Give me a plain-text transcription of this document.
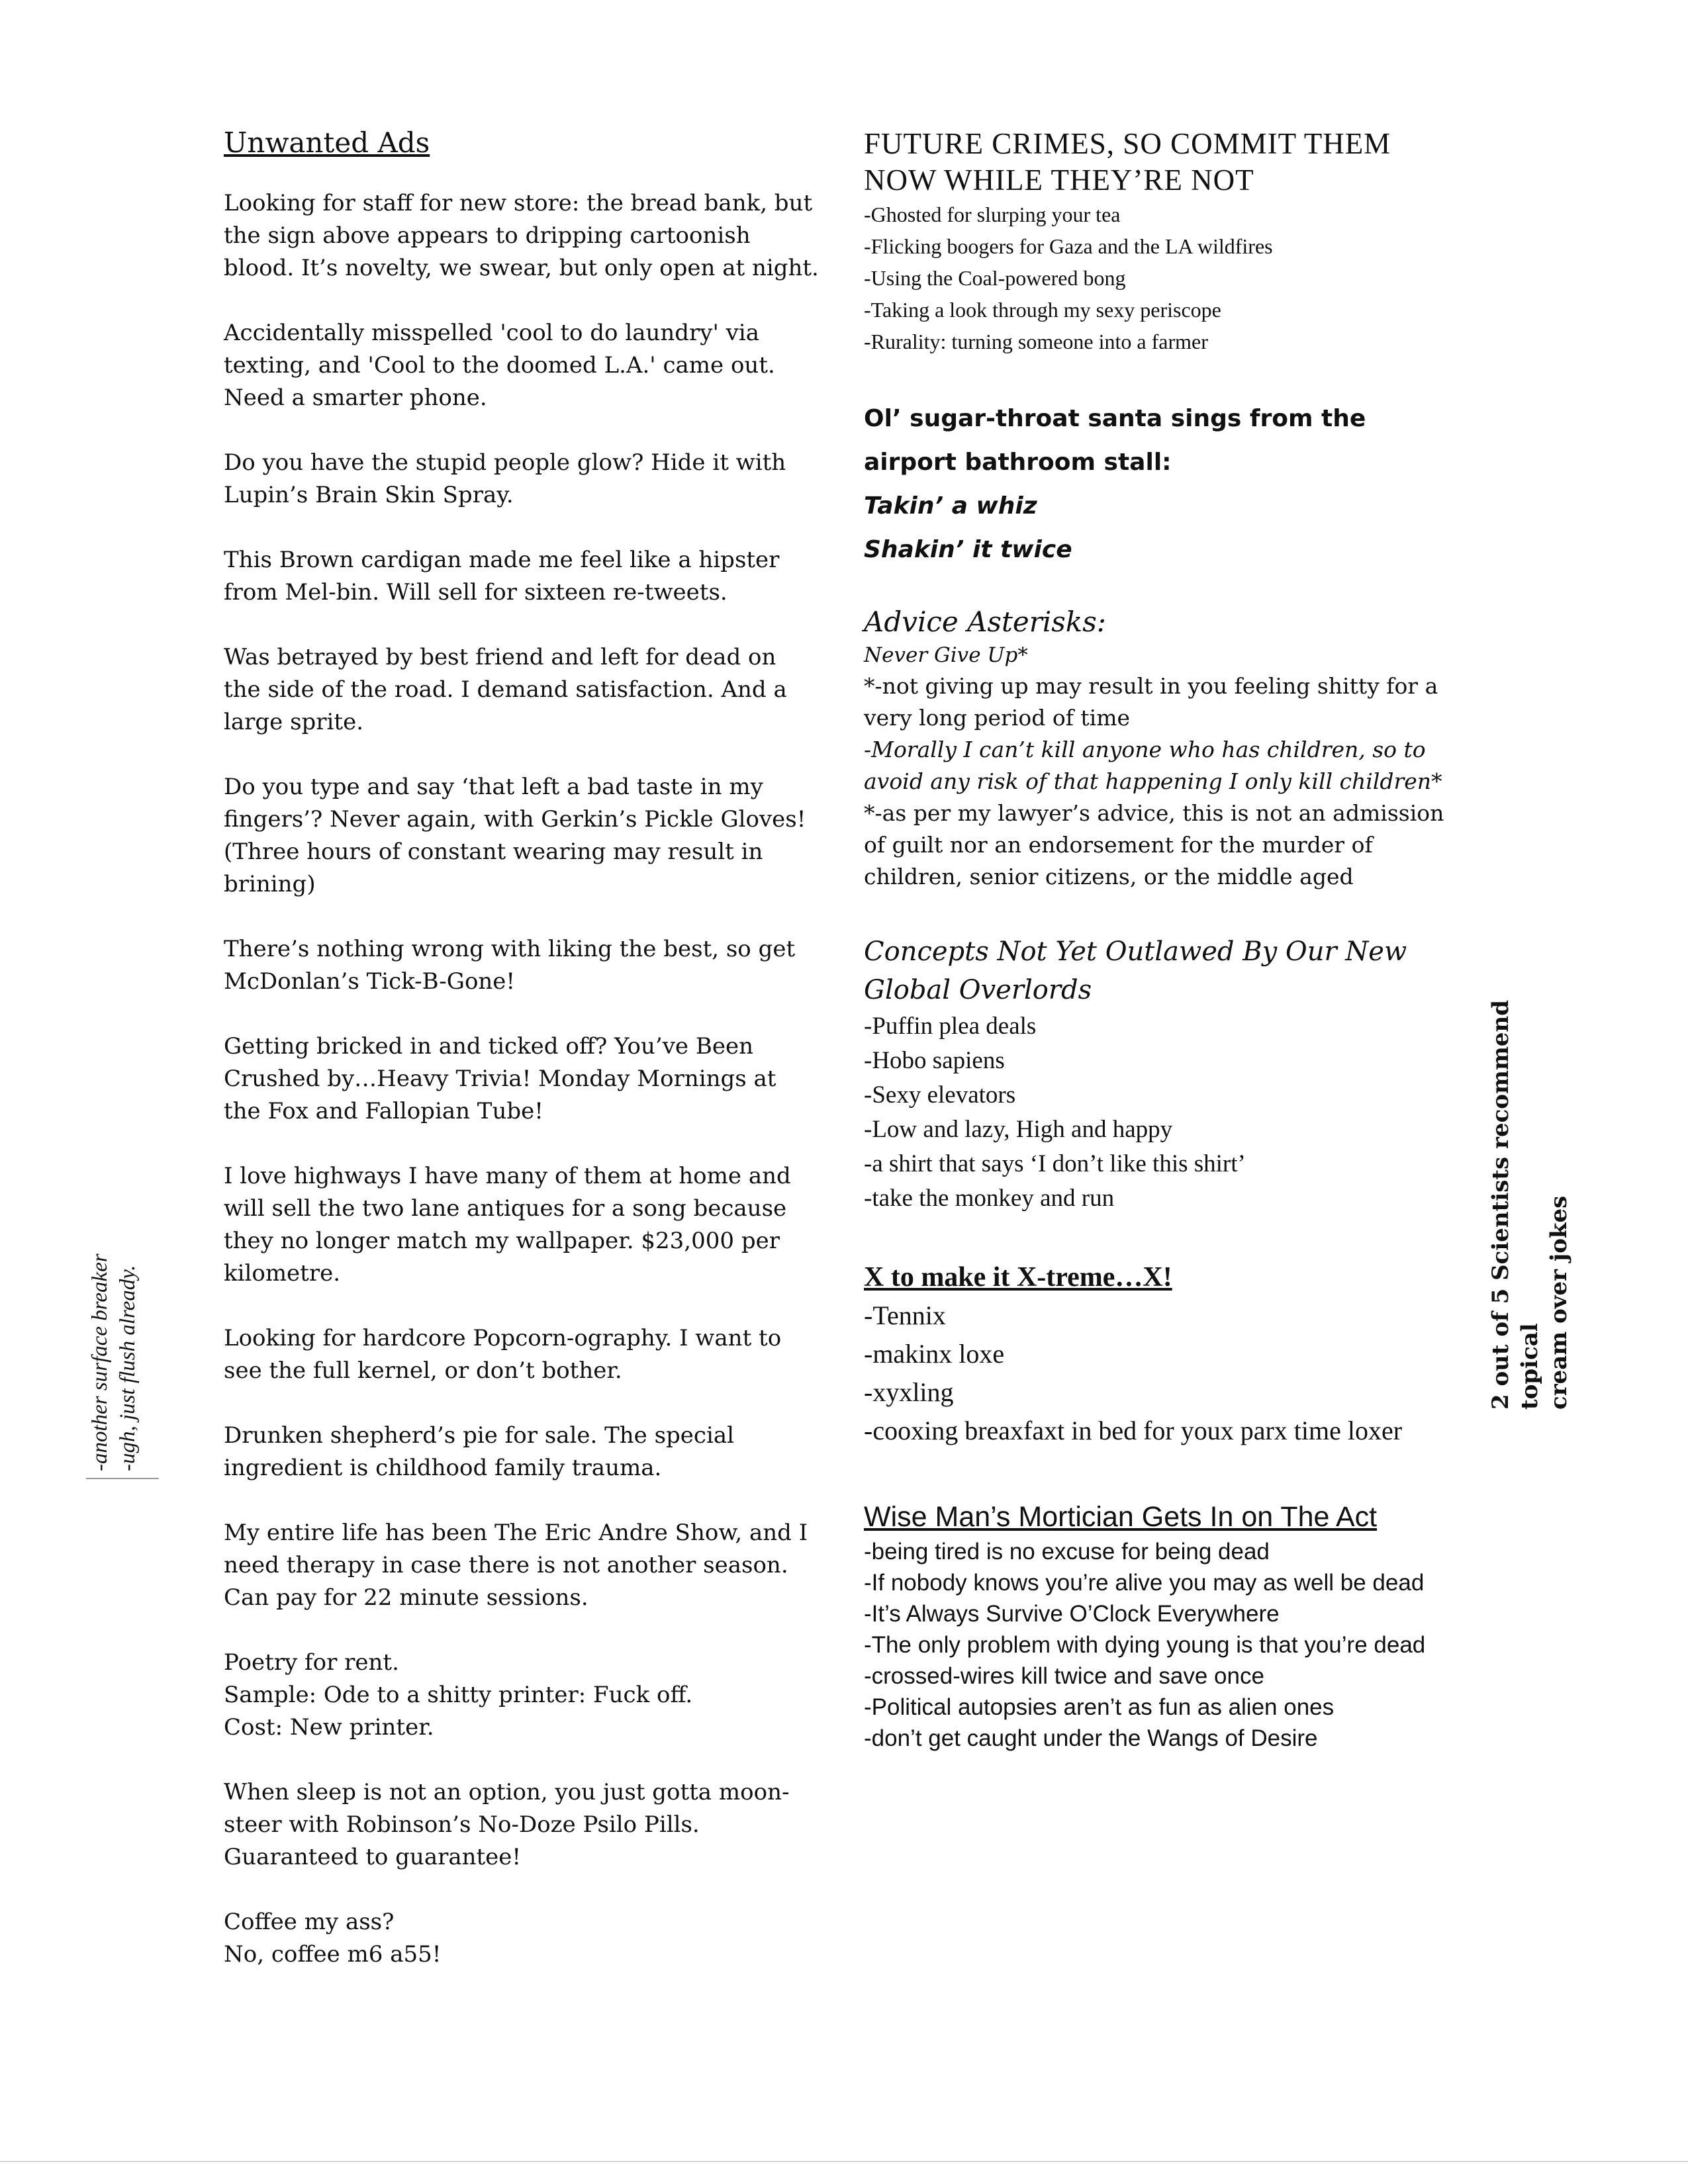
Unwanted Ads
Looking for staff for new store: the bread bank, but the sign above appears to dripping cartoonish blood. It’s novelty, we swear, but only open at night.
Accidentally misspelled 'cool to do laundry' via texting, and 'Cool to the doomed L.A.' came out. Need a smarter phone.
Do you have the stupid people glow? Hide it with Lupin’s Brain Skin Spray.
This Brown cardigan made me feel like a hipster from Mel-bin. Will sell for sixteen re-tweets.
Was betrayed by best friend and left for dead on the side of the road. I demand satisfaction. And a large sprite.
Do you type and say ‘that left a bad taste in my fingers’? Never again, with Gerkin’s Pickle Gloves! (Three hours of constant wearing may result in brining)
There’s nothing wrong with liking the best, so get McDonlan’s Tick-B-Gone!
Getting bricked in and ticked off? You’ve Been Crushed by…Heavy Trivia! Monday Mornings at the Fox and Fallopian Tube!
I love highways I have many of them at home and will sell the two lane antiques for a song because they no longer match my wallpaper. $23,000 per kilometre.
Looking for hardcore Popcorn-ography. I want to see the full kernel, or don’t bother.
Drunken shepherd’s pie for sale. The special ingredient is childhood family trauma.
My entire life has been The Eric Andre Show, and I need therapy in case there is not another season. Can pay for 22 minute sessions.
Poetry for rent.
Sample: Ode to a shitty printer: Fuck off.
Cost: New printer.
When sleep is not an option, you just gotta moon-steer with Robinson’s No-Doze Psilo Pills. Guaranteed to guarantee!
Coffee my ass?
No, coffee m6 a55!
FUTURE CRIMES, SO COMMIT THEM NOW WHILE THEY’RE NOT
-Ghosted for slurping your tea
-Flicking boogers for Gaza and the LA wildfires
-Using the Coal-powered bong
-Taking a look through my sexy periscope
-Rurality: turning someone into a farmer
Ol’ sugar-throat santa sings from the airport bathroom stall:
Takin’ a whiz
Shakin’ it twice
Advice Asterisks:
Never Give Up*
*-not giving up may result in you feeling shitty for a very long period of time
-Morally I can’t kill anyone who has children, so to avoid any risk of that happening I only kill children*
*-as per my lawyer’s advice, this is not an admission of guilt nor an endorsement for the murder of children, senior citizens, or the middle aged
Concepts Not Yet Outlawed By Our New Global Overlords
-Puffin plea deals
-Hobo sapiens
-Sexy elevators
-Low and lazy, High and happy
-a shirt that says ‘I don’t like this shirt’
-take the monkey and run
X to make it X-treme…X!
-Tennix
-makinx loxe
-xyxling
-cooxing breaxfaxt in bed for youx parx time loxer
Wise Man’s Mortician Gets In on The Act
-being tired is no excuse for being dead
-If nobody knows you’re alive you may as well be dead
-It’s Always Survive O’Clock Everywhere
-The only problem with dying young is that you’re dead
-crossed-wires kill twice and save once
-Political autopsies aren’t as fun as alien ones
-don’t get caught under the Wangs of Desire
-another surface breaker -ugh, just flush already.	2 out of 5 Scientists recommend topical cream over jokes
